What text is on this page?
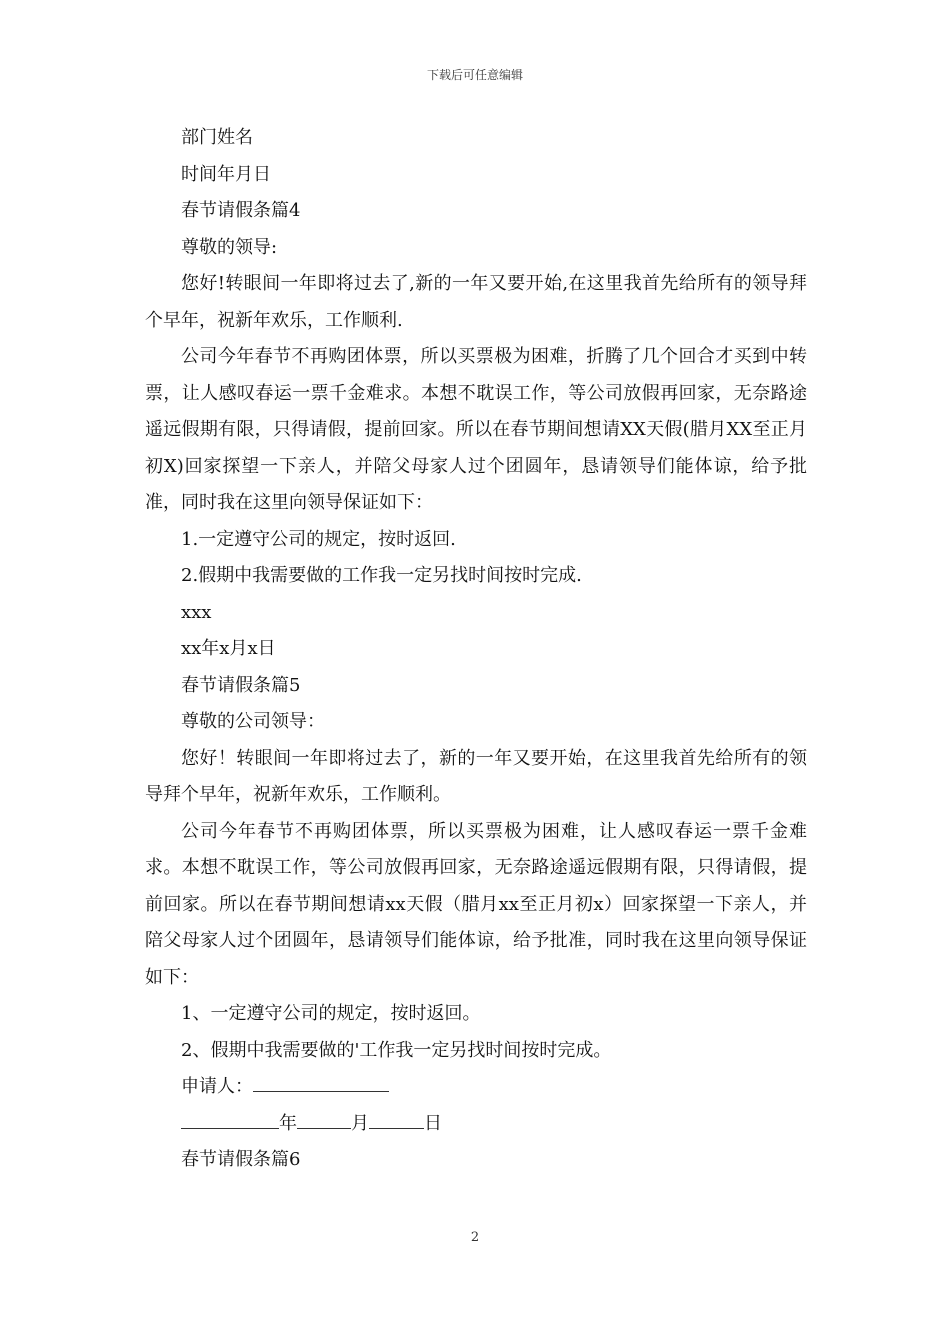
下载后可任意编辑

部门姓名

时间年月日

春节请假条篇4

尊敬的领导:

您好!转眼间一年即将过去了,新的一年又要开始,在这里我首先给所有的领导拜个早年，祝新年欢乐，工作顺利.

公司今年春节不再购团体票，所以买票极为困难，折腾了几个回合才买到中转票，让人感叹春运一票千金难求。本想不耽误工作，等公司放假再回家，无奈路途遥远假期有限，只得请假，提前回家。所以在春节期间想请XX天假(腊月XX至正月初X)回家探望一下亲人，并陪父母家人过个团圆年，恳请领导们能体谅，给予批准，同时我在这里向领导保证如下：

1.一定遵守公司的规定，按时返回.

2.假期中我需要做的工作我一定另找时间按时完成.

xxx

xx年x月x日

春节请假条篇5

尊敬的公司领导：

您好！转眼间一年即将过去了，新的一年又要开始，在这里我首先给所有的领导拜个早年，祝新年欢乐，工作顺利。

公司今年春节不再购团体票，所以买票极为困难，让人感叹春运一票千金难求。本想不耽误工作，等公司放假再回家，无奈路途遥远假期有限，只得请假，提前回家。所以在春节期间想请xx天假（腊月xx至正月初x）回家探望一下亲人，并陪父母家人过个团圆年，恳请领导们能体谅，给予批准，同时我在这里向领导保证如下：

1、一定遵守公司的规定，按时返回。

2、假期中我需要做的'工作我一定另找时间按时完成。

申请人：

年	月	日

春节请假条篇6

2
